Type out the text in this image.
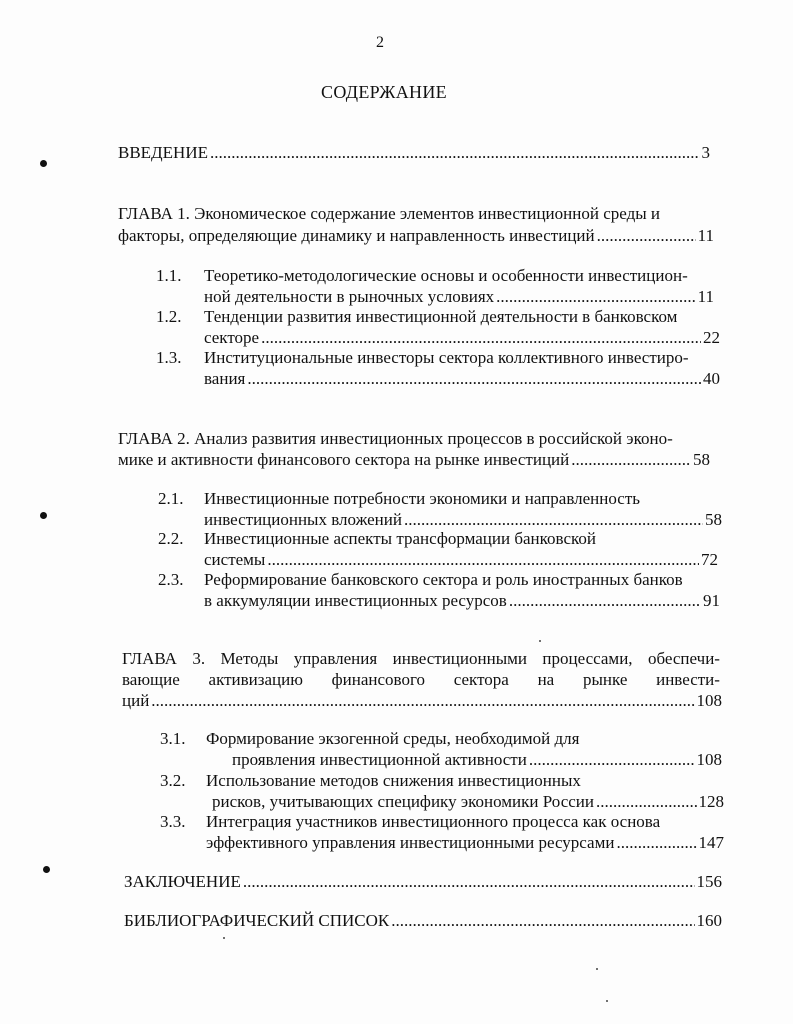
2
СОДЕРЖАНИЕ
ВВЕДЕНИЕ .....	3
ГЛАВА 1. Экономическое содержание элементов инвестиционной среды и
факторы, определяющие динамику и направленность инвестиций .....	11
1.1. Теоретико-методологические основы и особенности инвестицион-
ной деятельности в рыночных условиях .....	11
1.2. Тенденции развития инвестиционной деятельности в банковском
секторе .....	22
1.3. Институциональные инвесторы сектора коллективного инвестиро-
вания .....	40
ГЛАВА 2. Анализ развития инвестиционных процессов в российской эконо-
мике и активности финансового сектора на рынке инвестиций .....	58
2.1. Инвестиционные потребности экономики и направленность
инвестиционных вложений .....	58
2.2. Инвестиционные аспекты трансформации банковской
системы .....	72
2.3. Реформирование банковского сектора и роль иностранных банков
в аккумуляции инвестиционных ресурсов .....	91
ГЛАВА 3. Методы управления инвестиционными процессами, обеспечи-
вающие активизацию финансового сектора на рынке инвести-
ций .....	108
3.1. Формирование экзогенной среды, необходимой для
проявления инвестиционной активности .....	108
3.2. Использование методов снижения инвестиционных
рисков, учитывающих специфику экономики России .....	128
3.3. Интеграция участников инвестиционного процесса как основа
эффективного управления инвестиционными ресурсами .....	147
ЗАКЛЮЧЕНИЕ .....	156
БИБЛИОГРАФИЧЕСКИЙ СПИСОК .....	160
